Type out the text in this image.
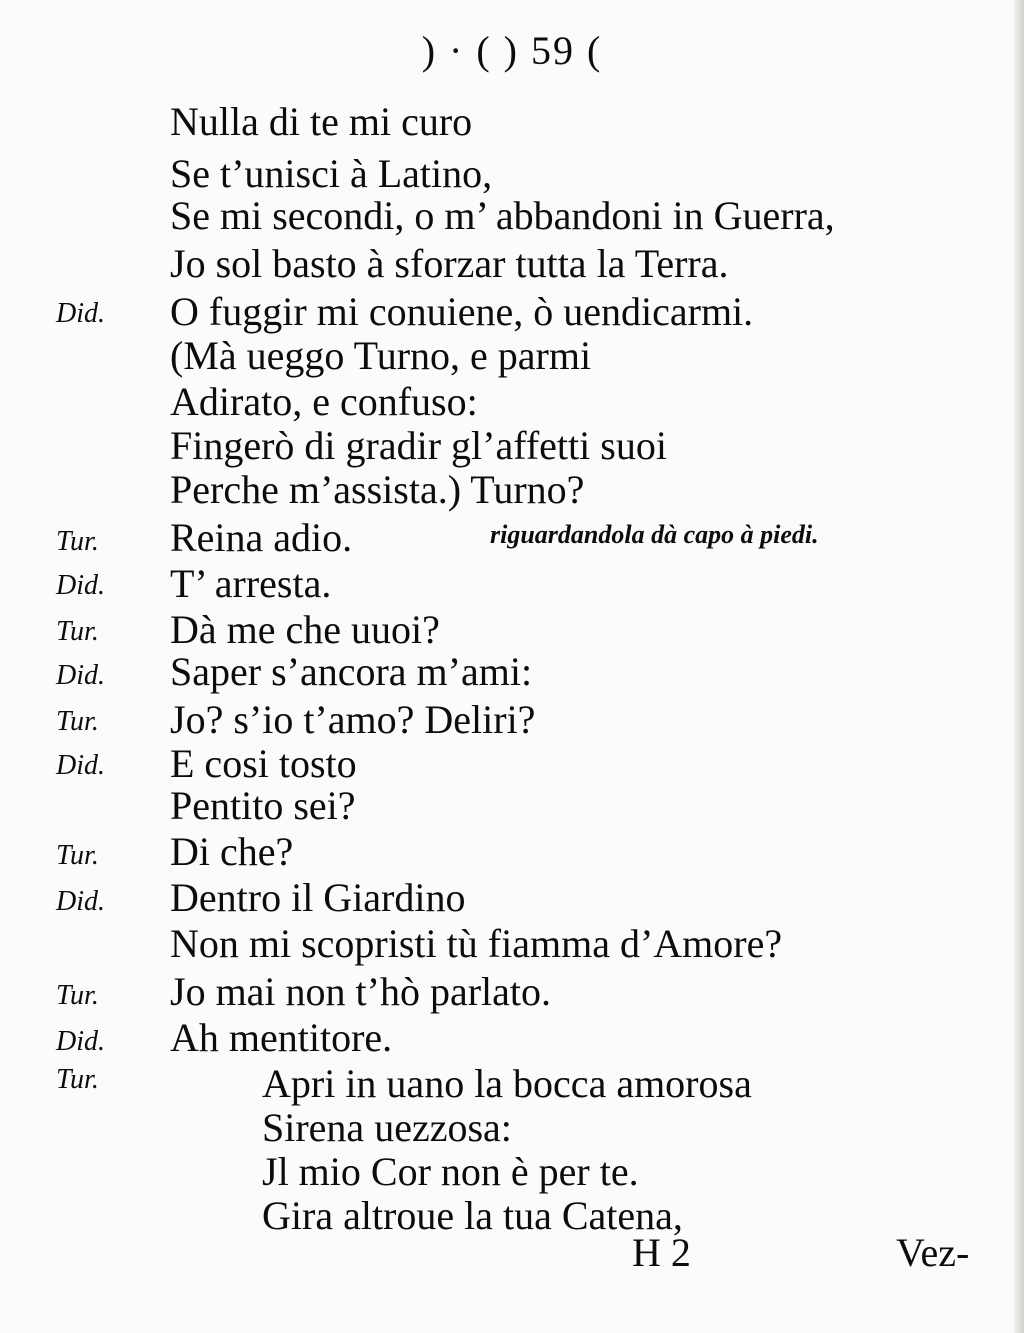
) · ( ) 59 (
Nulla di te mi curo
Se t’unisci à Latino,
Se mi secondi, o m’ abbandoni in Guerra,
Jo sol basto à sforzar tutta la Terra.
O fuggir mi conuiene, ò uendicarmi.
(Mà ueggo Turno, e parmi
Adirato, e confuso:
Fingerò di gradir gl’affetti suoi
Perche m’assista.) Turno?
Reina adio.
T’ arresta.
Dà me che uuoi?
Saper s’ancora m’ami:
Jo? s’io t’amo? Deliri?
E cosi tosto
Pentito sei?
Di che?
Dentro il Giardino
Non mi scopristi tù fiamma d’Amore?
Jo mai non t’hò parlato.
Ah mentitore.
Apri in uano la bocca amorosa
Sirena uezzosa:
Jl mio Cor non è per te.
Gira altroue la tua Catena,
Did.
Tur.
Did.
Tur.
Did.
Tur.
Did.
Tur.
Did.
Tur.
Did.
Tur.
riguardandola dà capo à piedi.
H 2	Vez-
